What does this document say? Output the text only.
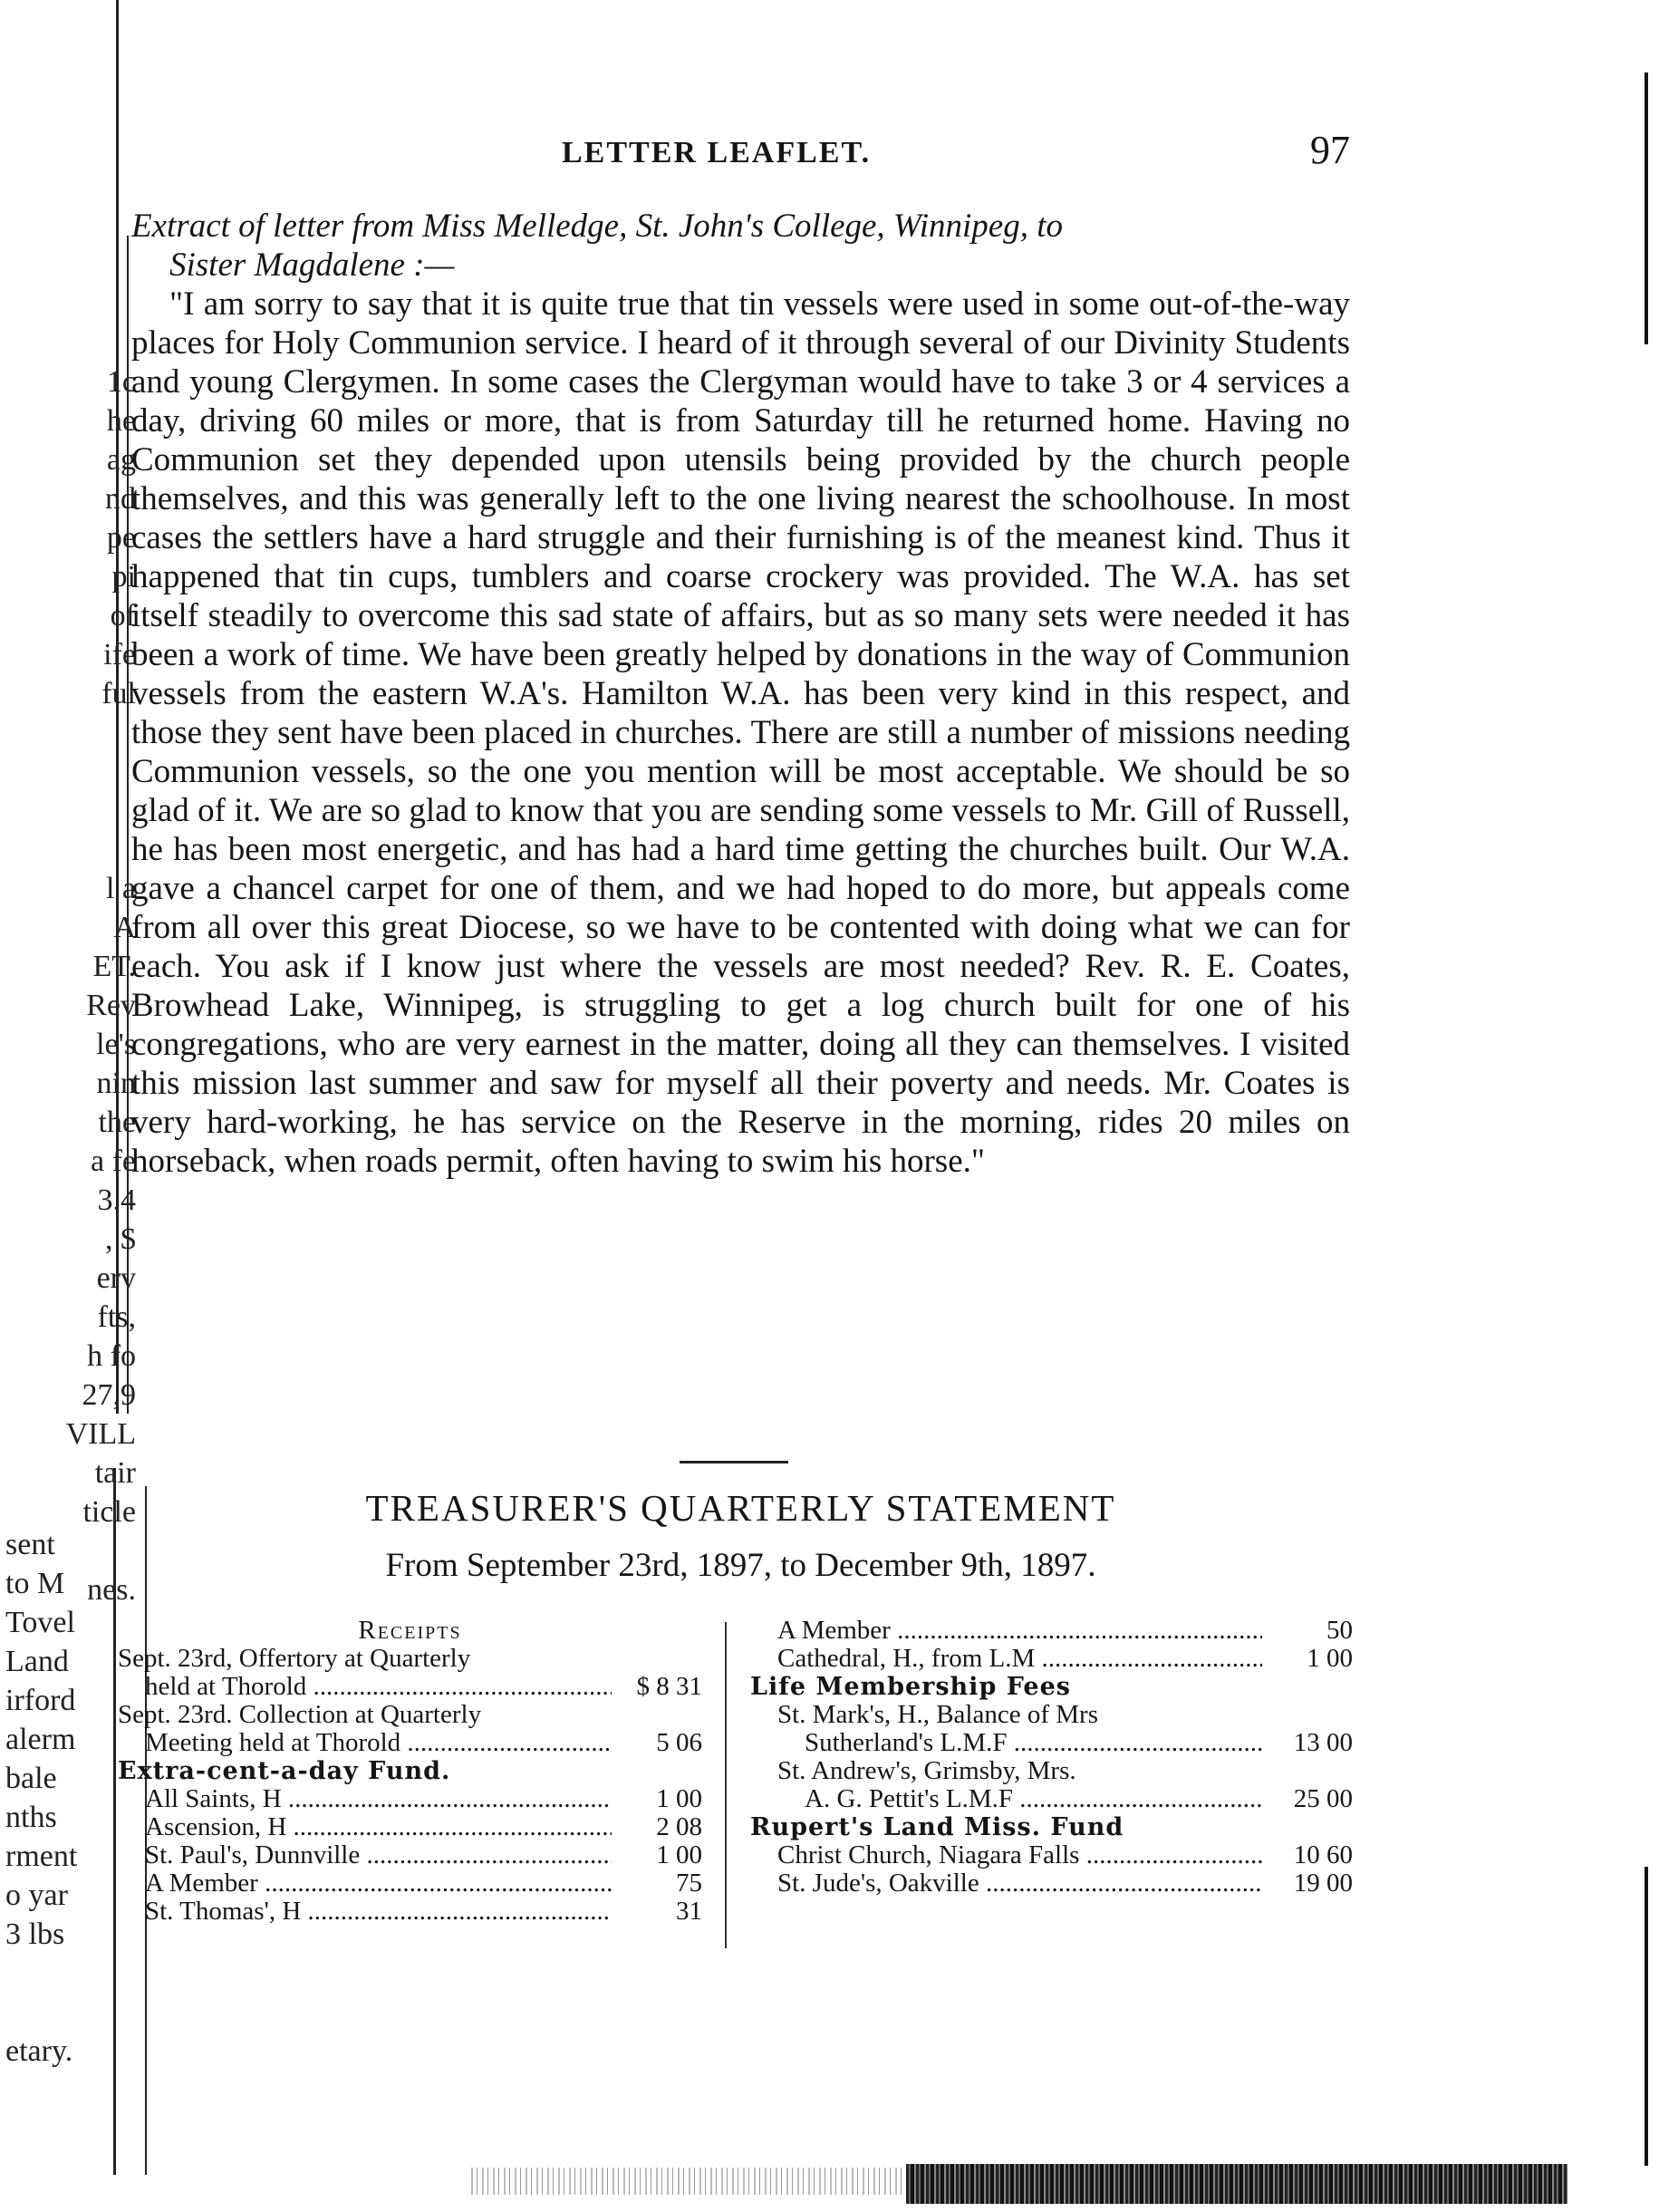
1c
he
ag
nd
pe
pi
of
ife
ful
l a
A
ET.
Rev
le's
nin
the
a fe
3.4
, $
erv
fts,
h fo
27,9
VILL
tair
ticle
nes.
sent
to M
Tovel
Land
irford
alerm
bale
nths
rment
o yar
3 lbs
etary.
LETTER LEAFLET.	97

Extract of letter from Miss Melledge, St. John's College, Winnipeg, to
Sister Magdalene :—

"I am sorry to say that it is quite true that tin vessels were used in some out-of-the-way places for Holy Communion service. I heard of it through several of our Divinity Students and young Clergymen. In some cases the Clergyman would have to take 3 or 4 services a day, driving 60 miles or more, that is from Saturday till he returned home. Having no Communion set they depended upon utensils being provided by the church people themselves, and this was generally left to the one living nearest the schoolhouse. In most cases the settlers have a hard struggle and their furnishing is of the meanest kind. Thus it happened that tin cups, tumblers and coarse crockery was provided. The W.A. has set itself steadily to overcome this sad state of affairs, but as so many sets were needed it has been a work of time. We have been greatly helped by donations in the way of Communion vessels from the eastern W.A's. Hamilton W.A. has been very kind in this respect, and those they sent have been placed in churches. There are still a number of missions needing Communion vessels, so the one you mention will be most acceptable. We should be so glad of it. We are so glad to know that you are sending some vessels to Mr. Gill of Russell, he has been most energetic, and has had a hard time getting the churches built. Our W.A. gave a chancel carpet for one of them, and we had hoped to do more, but appeals come from all over this great Diocese, so we have to be contented with doing what we can for each. You ask if I know just where the vessels are most needed? Rev. R. E. Coates, Browhead Lake, Winnipeg, is struggling to get a log church built for one of his congregations, who are very earnest in the matter, doing all they can themselves. I visited this mission last summer and saw for myself all their poverty and needs. Mr. Coates is very hard-working, he has service on the Reserve in the morning, rides 20 miles on horseback, when roads permit, often having to swim his horse."

TREASURER'S QUARTERLY STATEMENT
From September 23rd, 1897, to December 9th, 1897.
Receipts
Sept. 23rd, Offertory at Quarterly
held at Thorold .....	$ 8 31
Sept. 23rd. Collection at Quarterly
Meeting held at Thorold .....	5 06
Extra-cent-a-day Fund.
All Saints, H .....	1 00
Ascension, H .....	2 08
St. Paul's, Dunnville .....	1 00
A Member .....	75
St. Thomas', H .....	31
A Member .....	50
Cathedral, H., from L.M .....	1 00
Life Membership Fees
St. Mark's, H., Balance of Mrs
Sutherland's L.M.F .....	13 00
St. Andrew's, Grimsby, Mrs.
A. G. Pettit's L.M.F .....	25 00
Rupert's Land Miss. Fund
Christ Church, Niagara Falls .....	10 60
St. Jude's, Oakville .....	19 00
